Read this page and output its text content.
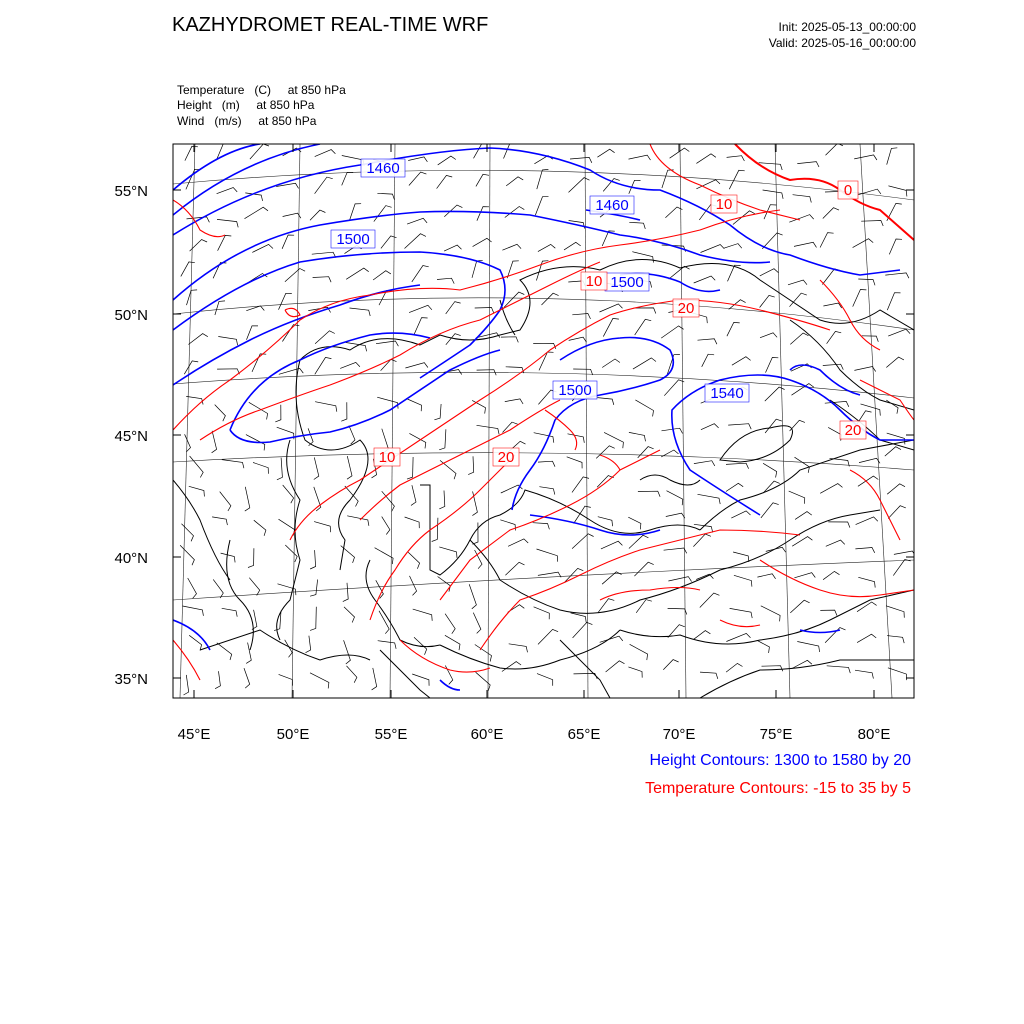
KAZHYDROMET REAL-TIME WRF	Init: 2025-05-13_00:00:00
Valid: 2025-05-16_00:00:00
Temperature (C) at 850 hPa
Height (m) at 850 hPa
Wind (m/s) at 850 hPa
1460
1460
1500
1500
1500	1540
0
10
10
20
10	20
20
45°E	50°E	55°E	60°E	65°E	70°E	75°E	80°E
55°N
50°N
45°N
40°N
35°N
Height Contours: 1300 to 1580 by 20
Temperature Contours: -15 to 35 by 5
